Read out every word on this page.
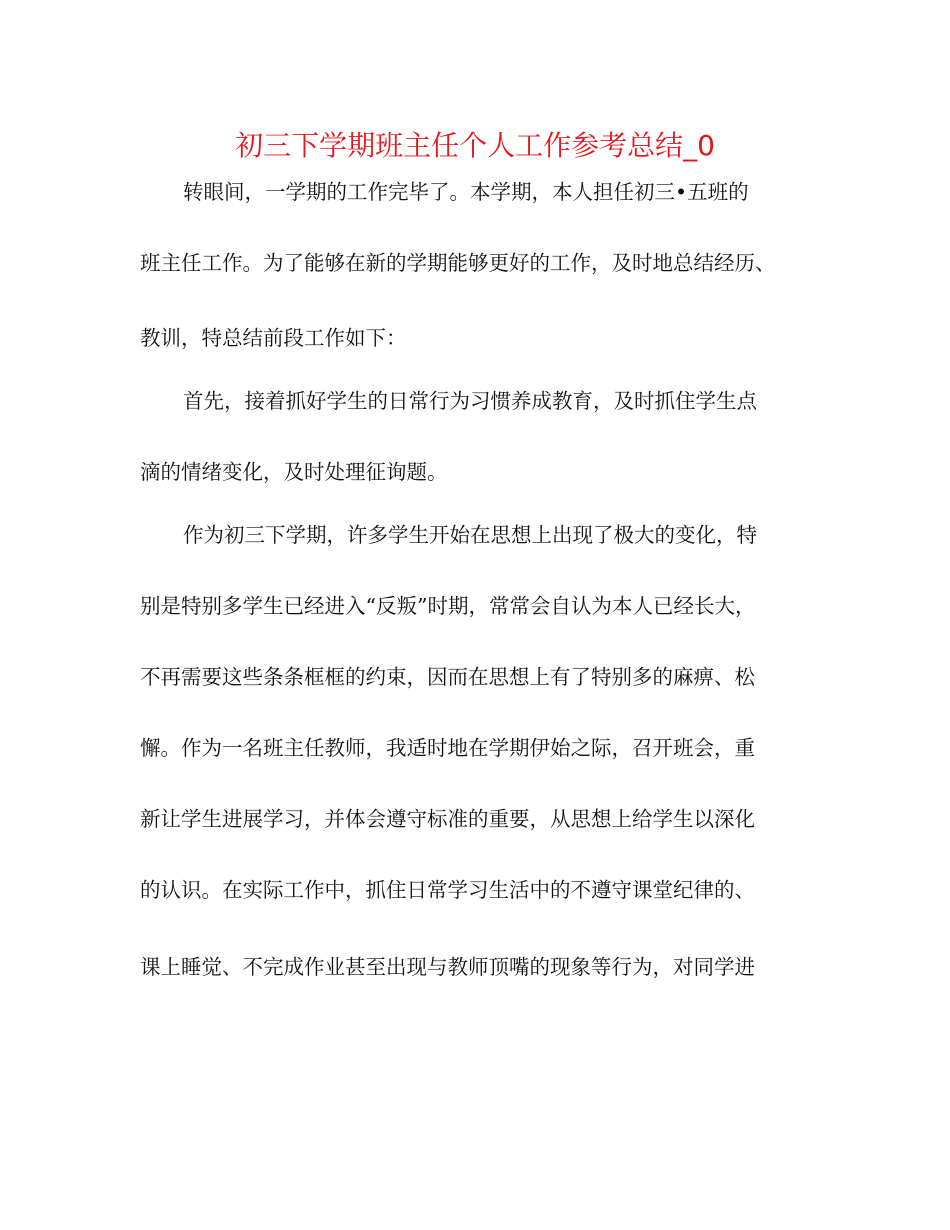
初三下学期班主任个人工作参考总结_0
转眼间，一学期的工作完毕了。本学期，本人担任初三•五班的
班主任工作。为了能够在新的学期能够更好的工作，及时地总结经历、
教训，特总结前段工作如下：
首先，接着抓好学生的日常行为习惯养成教育，及时抓住学生点
滴的情绪变化，及时处理征询题。
作为初三下学期，许多学生开始在思想上出现了极大的变化，特
别是特别多学生已经进入“反叛”时期，常常会自认为本人已经长大，
不再需要这些条条框框的约束，因而在思想上有了特别多的麻痹、松
懈。作为一名班主任教师，我适时地在学期伊始之际，召开班会，重
新让学生进展学习，并体会遵守标准的重要，从思想上给学生以深化
的认识。在实际工作中，抓住日常学习生活中的不遵守课堂纪律的、
课上睡觉、不完成作业甚至出现与教师顶嘴的现象等行为，对同学进
